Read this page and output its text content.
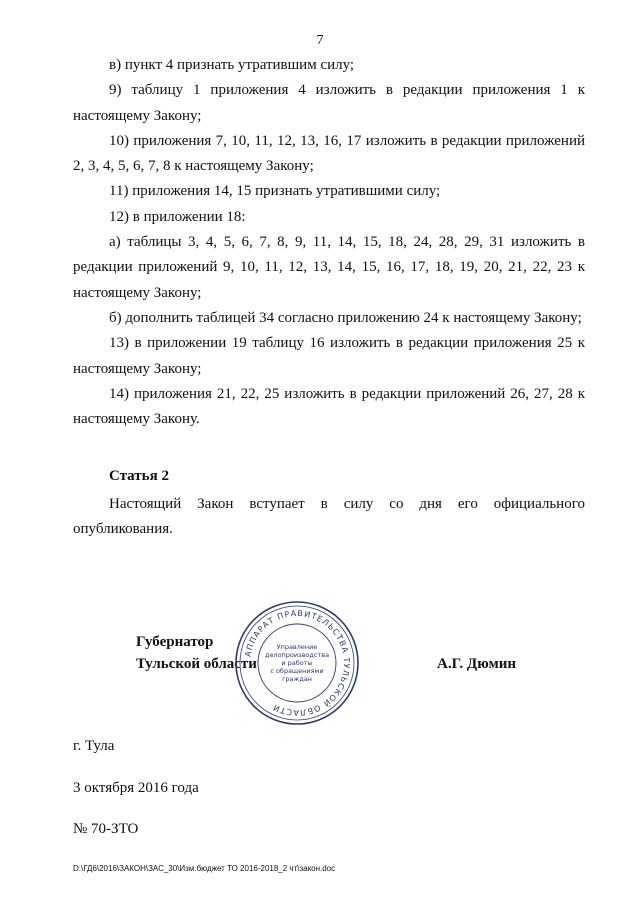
7

в) пункт 4 признать утратившим силу;

9) таблицу 1 приложения 4 изложить в редакции приложения 1 к настоящему Закону;

10) приложения 7, 10, 11, 12, 13, 16, 17 изложить в редакции приложений 2, 3, 4, 5, 6, 7, 8 к настоящему Закону;

11) приложения 14, 15 признать утратившими силу;

12) в приложении 18:

а) таблицы 3, 4, 5, 6, 7, 8, 9, 11, 14, 15, 18, 24, 28, 29, 31 изложить в редакции приложений 9, 10, 11, 12, 13, 14, 15, 16, 17, 18, 19, 20, 21, 22, 23 к настоящему Закону;

б) дополнить таблицей 34 согласно приложению 24 к настоящему Закону;

13) в приложении 19 таблицу 16 изложить в редакции приложения 25 к настоящему Закону;

14) приложения 21, 22, 25 изложить в редакции приложений 26, 27, 28 к настоящему Закону.

Статья 2

Настоящий Закон вступает в силу со дня его официального опубликования.

Губернатор
Тульской области
АППАРАТ ПРАВИТЕЛЬСТВА ТУЛЬСКОЙ ОБЛАСТИ
Управление
делопроизводства
и работы
с обращениями
граждан
А.Г. Дюмин
г. Тула
3 октября 2016 года
№ 70-ЗТО
D:\ГД6\2016\ЗАКОН\ЗАС_30\Изм.бюджет ТО 2016-2018_2 чт\закон.doc
